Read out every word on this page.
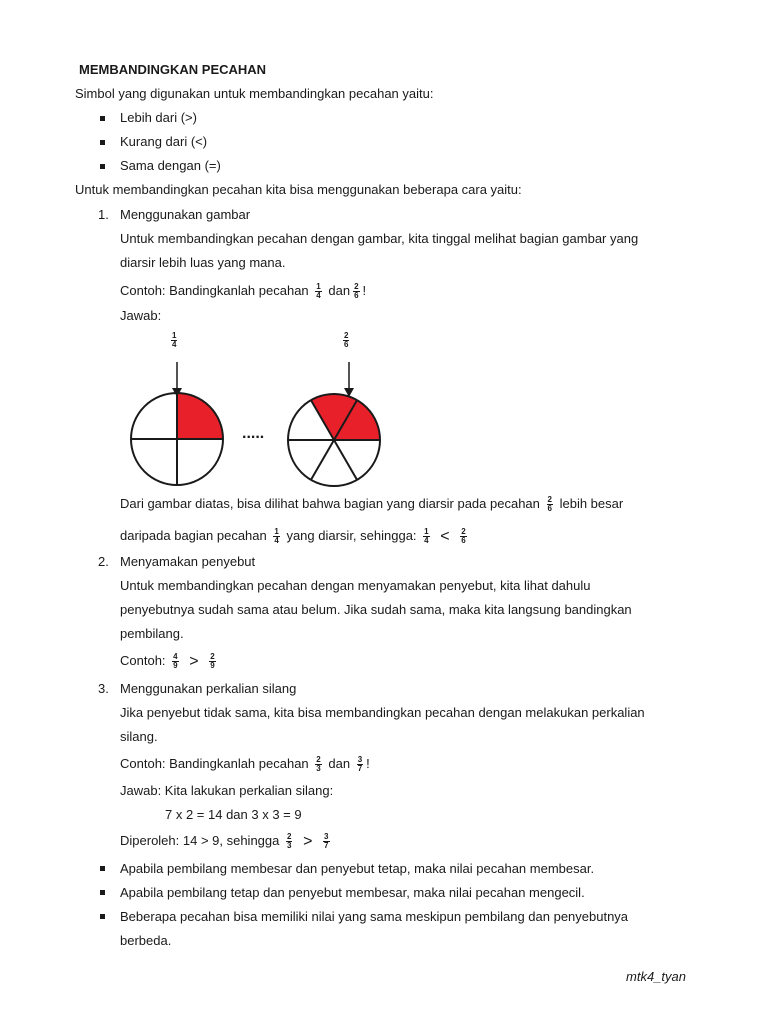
MEMBANDINGKAN PECAHAN
Simbol yang digunakan untuk membandingkan pecahan yaitu:
Lebih dari (>)
Kurang dari (<)
Sama dengan (=)
Untuk membandingkan pecahan kita bisa menggunakan beberapa cara yaitu:
1. Menggunakan gambar
Untuk membandingkan pecahan dengan gambar, kita tinggal melihat bagian gambar yang
diarsir lebih luas yang mana.
Contoh: Bandingkanlah pecahan $\frac{1}{4}$ dan $\frac{2}{6}$ !
Jawab:
$\frac{1}{4}$	$\frac{2}{6}$
.....
Dari gambar diatas, bisa dilihat bahwa bagian yang diarsir pada pecahan $\frac{2}{6}$ lebih besar
daripada bagian pecahan $\frac{1}{4}$ yang diarsir, sehingga: $\frac{1}{4} < \frac{2}{6}$
2. Menyamakan penyebut
Untuk membandingkan pecahan dengan menyamakan penyebut, kita lihat dahulu
penyebutnya sudah sama atau belum. Jika sudah sama, maka kita langsung bandingkan
pembilang.
Contoh: $\frac{4}{9} > \frac{2}{9}$
3. Menggunakan perkalian silang
Jika penyebut tidak sama, kita bisa membandingkan pecahan dengan melakukan perkalian
silang.
Contoh: Bandingkanlah pecahan $\frac{2}{3}$ dan $\frac{3}{7}$ !
Jawab: Kita lakukan perkalian silang:
7 x 2 = 14 dan 3 x 3 = 9
Diperoleh: 14 > 9, sehingga $\frac{2}{3} > \frac{3}{7}$
Apabila pembilang membesar dan penyebut tetap, maka nilai pecahan membesar.
Apabila pembilang tetap dan penyebut membesar, maka nilai pecahan mengecil.
Beberapa pecahan bisa memiliki nilai yang sama meskipun pembilang dan penyebutnya
berbeda.
mtk4_tyan
